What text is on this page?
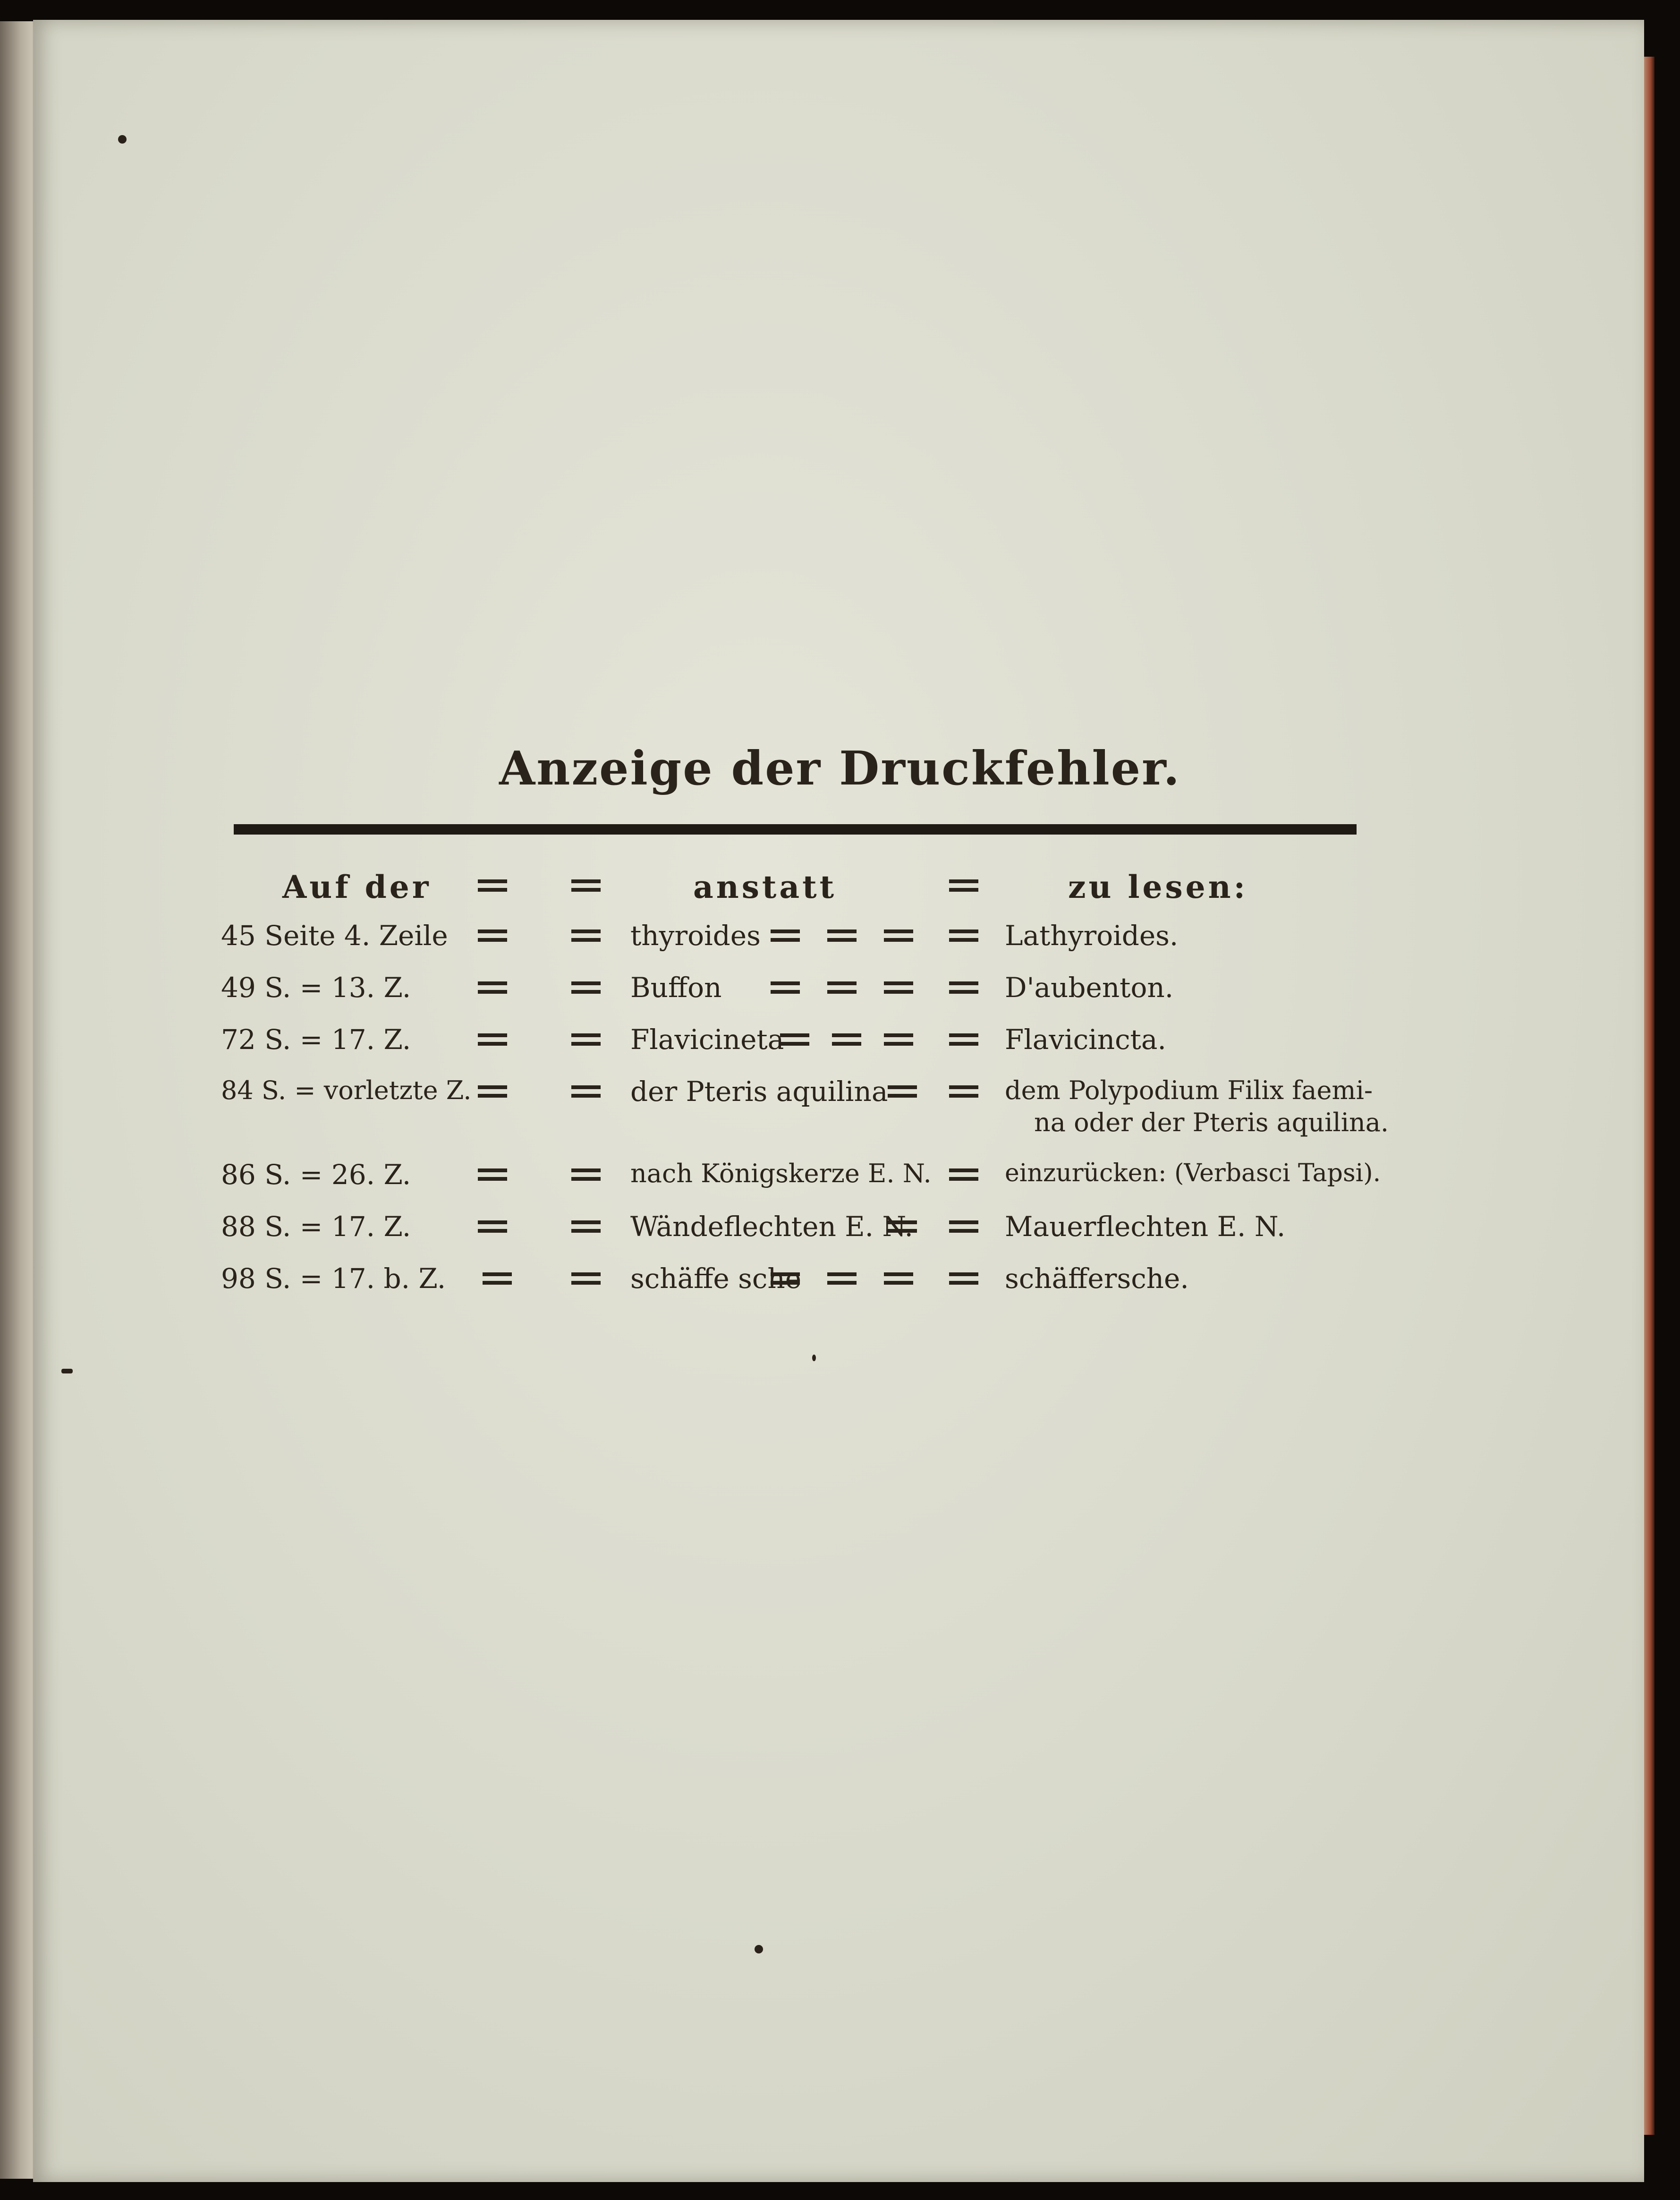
Anzeige der Druckfehler.
Auf der	anstatt	zu lesen:
45 Seite 4. Zeile	thyroides	Lathyroides.
49 S. = 13. Z.	Buffon	D'aubenton.
72 S. = 17. Z.	Flavicineta	Flavicincta.
84 S. = vorletzte Z.	der Pteris aquilina	dem Polypodium Filix faemi-
na oder der Pteris aquilina.
86 S. = 26. Z.	nach Königskerze E. N.	einzurücken: (Verbasci Tapsi).
88 S. = 17. Z.	Wändeflechten E. N.	Mauerflechten E. N.
98 S. = 17. b. Z.	schäffe sche	schäffersche.
